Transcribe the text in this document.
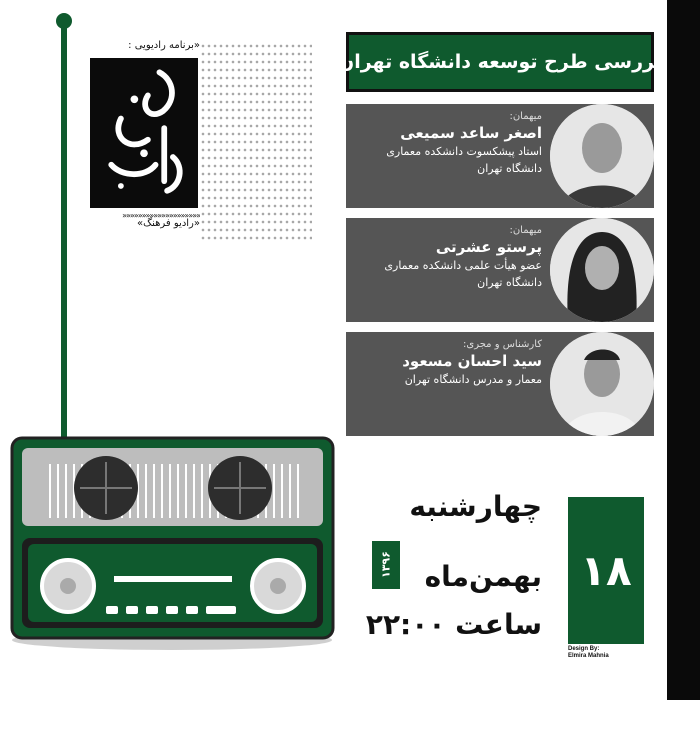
«برنامه رادیویی :
««««««««««««««««««««
«رادیو فرهنگ»
بررسی طرح توسعه دانشگاه تهران
میهمان:
اصغر ساعد سمیعی
استاد پیشکسوت دانشکده معماری
دانشگاه تهران
میهمان:
پرستو عشرتی
عضو هیأت علمی دانشکده معماری
دانشگاه تهران
کارشناس و مجری:
سید احسان مسعود
معمار و مدرس دانشگاه تهران
۱۸
چهارشنبه
۱۳۹۶	بهمن‌ماه
ساعت ۲۲:۰۰
Design By:
Elmira Mahnia
